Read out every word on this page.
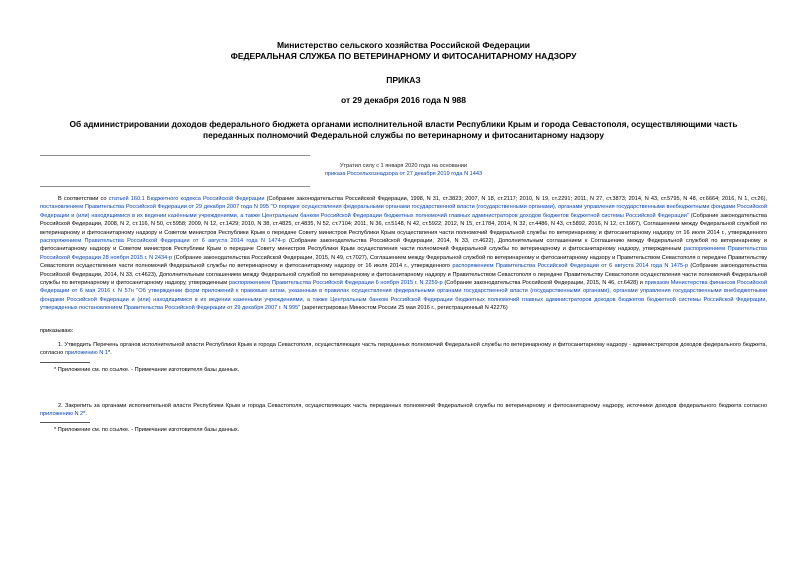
Министерство сельского хозяйства Российской Федерации
ФЕДЕРАЛЬНАЯ СЛУЖБА ПО ВЕТЕРИНАРНОМУ И ФИТОСАНИТАРНОМУ НАДЗОРУ
ПРИКАЗ
от 29 декабря 2016 года N 988
Об администрировании доходов федерального бюджета органами исполнительной власти Республики Крым и города Севастополя, осуществляющими часть переданных полномочий Федеральной службы по ветеринарному и фитосанитарному надзору
Утратил силу с 1 января 2020 года на основании
приказа Россельхознадзора от 27 декабря 2019 года N 1443
В соответствии со статьей 160.1 Бюджетного кодекса Российской Федерации (Собрание законодательства Российской Федерации, 1998, N 31, ст.3823; 2007, N 18, ст.2117; 2010, N 19, ст.2291; 2011, N 27, ст.3873; 2014, N 43, ст.5795, N 48, ст.6664; 2016, N 1, ст.26), постановлением Правительства Российской Федерации от 29 декабря 2007 года N 995 "О порядке осуществления федеральными органами государственной власти (государственными органами), органами управления государственными внебюджетными фондами Российской Федерации и (или) находящимися в их ведении казёнными учреждениями, а также Центральным банком Российской Федерации бюджетных полномочий главных администраторов доходов бюджетов бюджетной системы Российской Федерации" (Собрание законодательства Российской Федерации, 2008, N 2, ст.116, N 50, ст.5958; 2009, N 12, ст.1429; 2010, N 38, ст.4825, ст.4835, N 52, ст.7104; 2011, N 36, ст.5148, N 42, ст.5922; 2012, N 15, ст.1784, 2014, N 32, ст.4486, N 43, ст.5892, 2016, N 12, ст.1667), Соглашением между Федеральной службой по ветеринарному и фитосанитарному надзору и Советом министров Республики Крым о передаче Совету министров Республики Крым осуществления части полномочий Федеральной службы по ветеринарному и фитосанитарному надзору от 16 июля 2014 г., утвержденного распоряжением Правительства Российской Федерации от 6 августа 2014 года N 1474-р (Собрание законодательства Российской Федерации, 2014, N 33, ст.4622), Дополнительным соглашением к Соглашению между Федеральной службой по ветеринарному и фитосанитарному надзору и Советом министров Республики Крым о передаче Совету министров Республики Крым осуществления части полномочий Федеральной службы по ветеринарному и фитосанитарному надзору, утвержденным распоряжением Правительства Российской Федерации 28 ноября 2015 г. N 2434-р (Собрание законодательства Российской Федерации, 2015, N 49, ст.7027), Соглашением между Федеральной службой по ветеринарному и фитосанитарному надзору и Правительством Севастополя о передаче Правительству Севастополя осуществления части полномочий Федеральной службы по ветеринарному и фитосанитарному надзору от 16 июля 2014 г., утвержденного распоряжением Правительства Российской Федерации от 6 августа 2014 года N 1475-р (Собрание законодательства Российской Федерации, 2014, N 33, ст.4623), Дополнительным соглашением между Федеральной службой по ветеринарному и фитосанитарному надзору и Правительством Севастополя о передаче Правительству Севастополя осуществления части полномочий Федеральной службы по ветеринарному и фитосанитарному надзору, утвержденным распоряжением Правительства Российской Федерации 6 ноября 2015 г. N 2259-р (Собрание законодательства Российской Федерации, 2015, N 46, ст.6428) и приказом Министерства финансов Российской Федерации от 6 мая 2016 г. N 57н "Об утверждении форм приложений к правовым актам, указанным в правилах осуществления федеральными органами государственной власти (государственными органами), органами управления государственными внебюджетными фондами Российской Федерации и (или) находящимися в их ведении казенными учреждениями, а также Центральным банком Российской Федерации бюджетных полномочий главных администраторов доходов бюджетов бюджетной системы Российской Федерации, утвержденных постановлением Правительства Российской Федерации от 29 декабря 2007 г. N 995" (зарегистрирован Минюстом России 25 мая 2016 г., регистрационный N 42276)
приказываю:
1. Утвердить Перечень органов исполнительной власти Республики Крым и города Севастополя, осуществляющих часть переданных полномочий Федеральной службы по ветеринарному и фитосанитарному надзору - администраторов доходов федерального бюджета, согласно приложению N 1*.
* Приложение см. по ссылке. - Примечание изготовителя базы данных.
2. Закрепить за органами исполнительной власти Республики Крым и города Севастополя, осуществляющих часть переданных полномочий Федеральной службы по ветеринарному и фитосанитарному надзору, источники доходов федерального бюджета согласно приложению N 2*.
* Приложение см. по ссылке. - Примечание изготовителя базы данных.
